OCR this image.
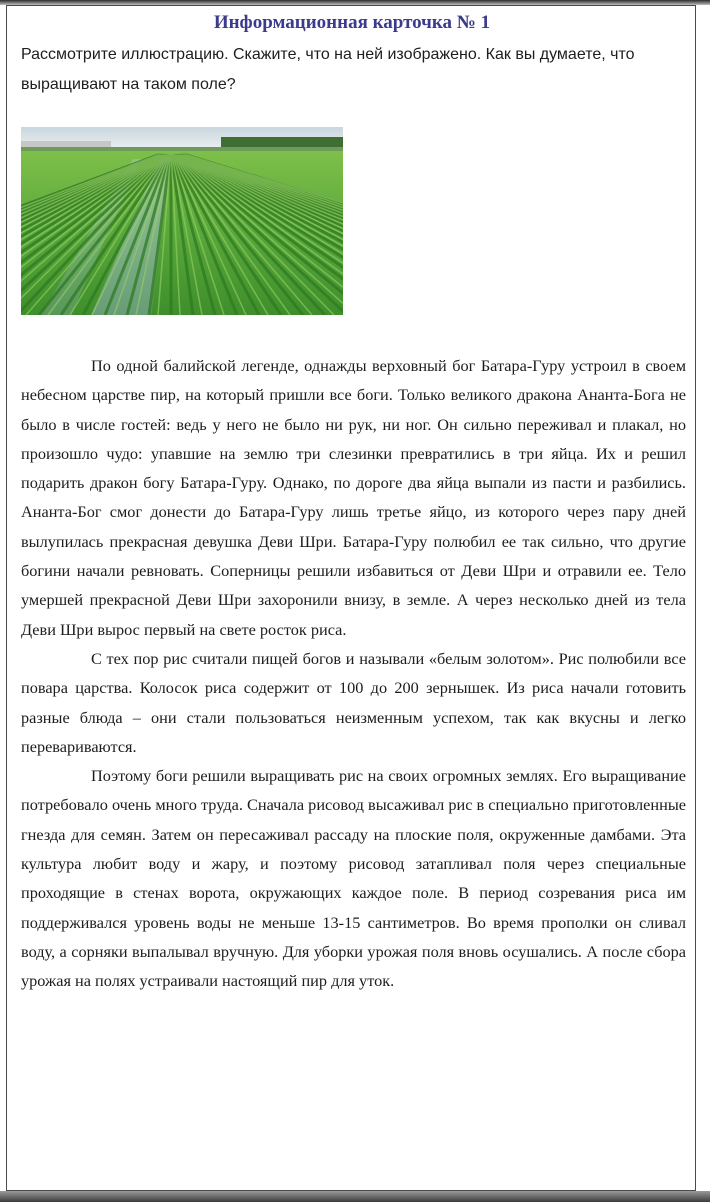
Информационная карточка № 1

Рассмотрите иллюстрацию. Скажите, что на ней изображено. Как вы думаете, что выращивают на таком поле?

По одной балийской легенде, однажды верховный бог Батара-Гуру устроил в своем небесном царстве пир, на который пришли все боги. Только великого дракона Ананта-Бога не было в числе гостей: ведь у него не было ни рук, ни ног. Он сильно переживал и плакал, но произошло чудо: упавшие на землю три слезинки превратились в три яйца. Их и решил подарить дракон богу Батара-Гуру. Однако, по дороге два яйца выпали из пасти и разбились. Ананта-Бог смог донести до Батара-Гуру лишь третье яйцо, из которого через пару дней вылупилась прекрасная девушка Деви Шри. Батара-Гуру полюбил ее так сильно, что другие богини начали ревновать. Соперницы решили избавиться от Деви Шри и отравили ее. Тело умершей прекрасной Деви Шри захоронили внизу, в земле. А через несколько дней из тела Деви Шри вырос первый на свете росток риса.

С тех пор рис считали пищей богов и называли «белым золотом». Рис полюбили все повара царства. Колосок риса содержит от 100 до 200 зернышек. Из риса начали готовить разные блюда – они стали пользоваться неизменным успехом, так как вкусны и легко перевариваются.

Поэтому боги решили выращивать рис на своих огромных землях. Его выращивание потребовало очень много труда. Сначала рисовод высаживал рис в специально приготовленные гнезда для семян. Затем он пересаживал рассаду на плоские поля, окруженные дамбами. Эта культура любит воду и жару, и поэтому рисовод затапливал поля через специальные проходящие в стенах ворота, окружающих каждое поле. В период созревания риса им поддерживался уровень воды не меньше 13-15 сантиметров. Во время прополки он сливал воду, а сорняки выпалывал вручную. Для уборки урожая поля вновь осушались. А после сбора урожая на полях устраивали настоящий пир для уток.
